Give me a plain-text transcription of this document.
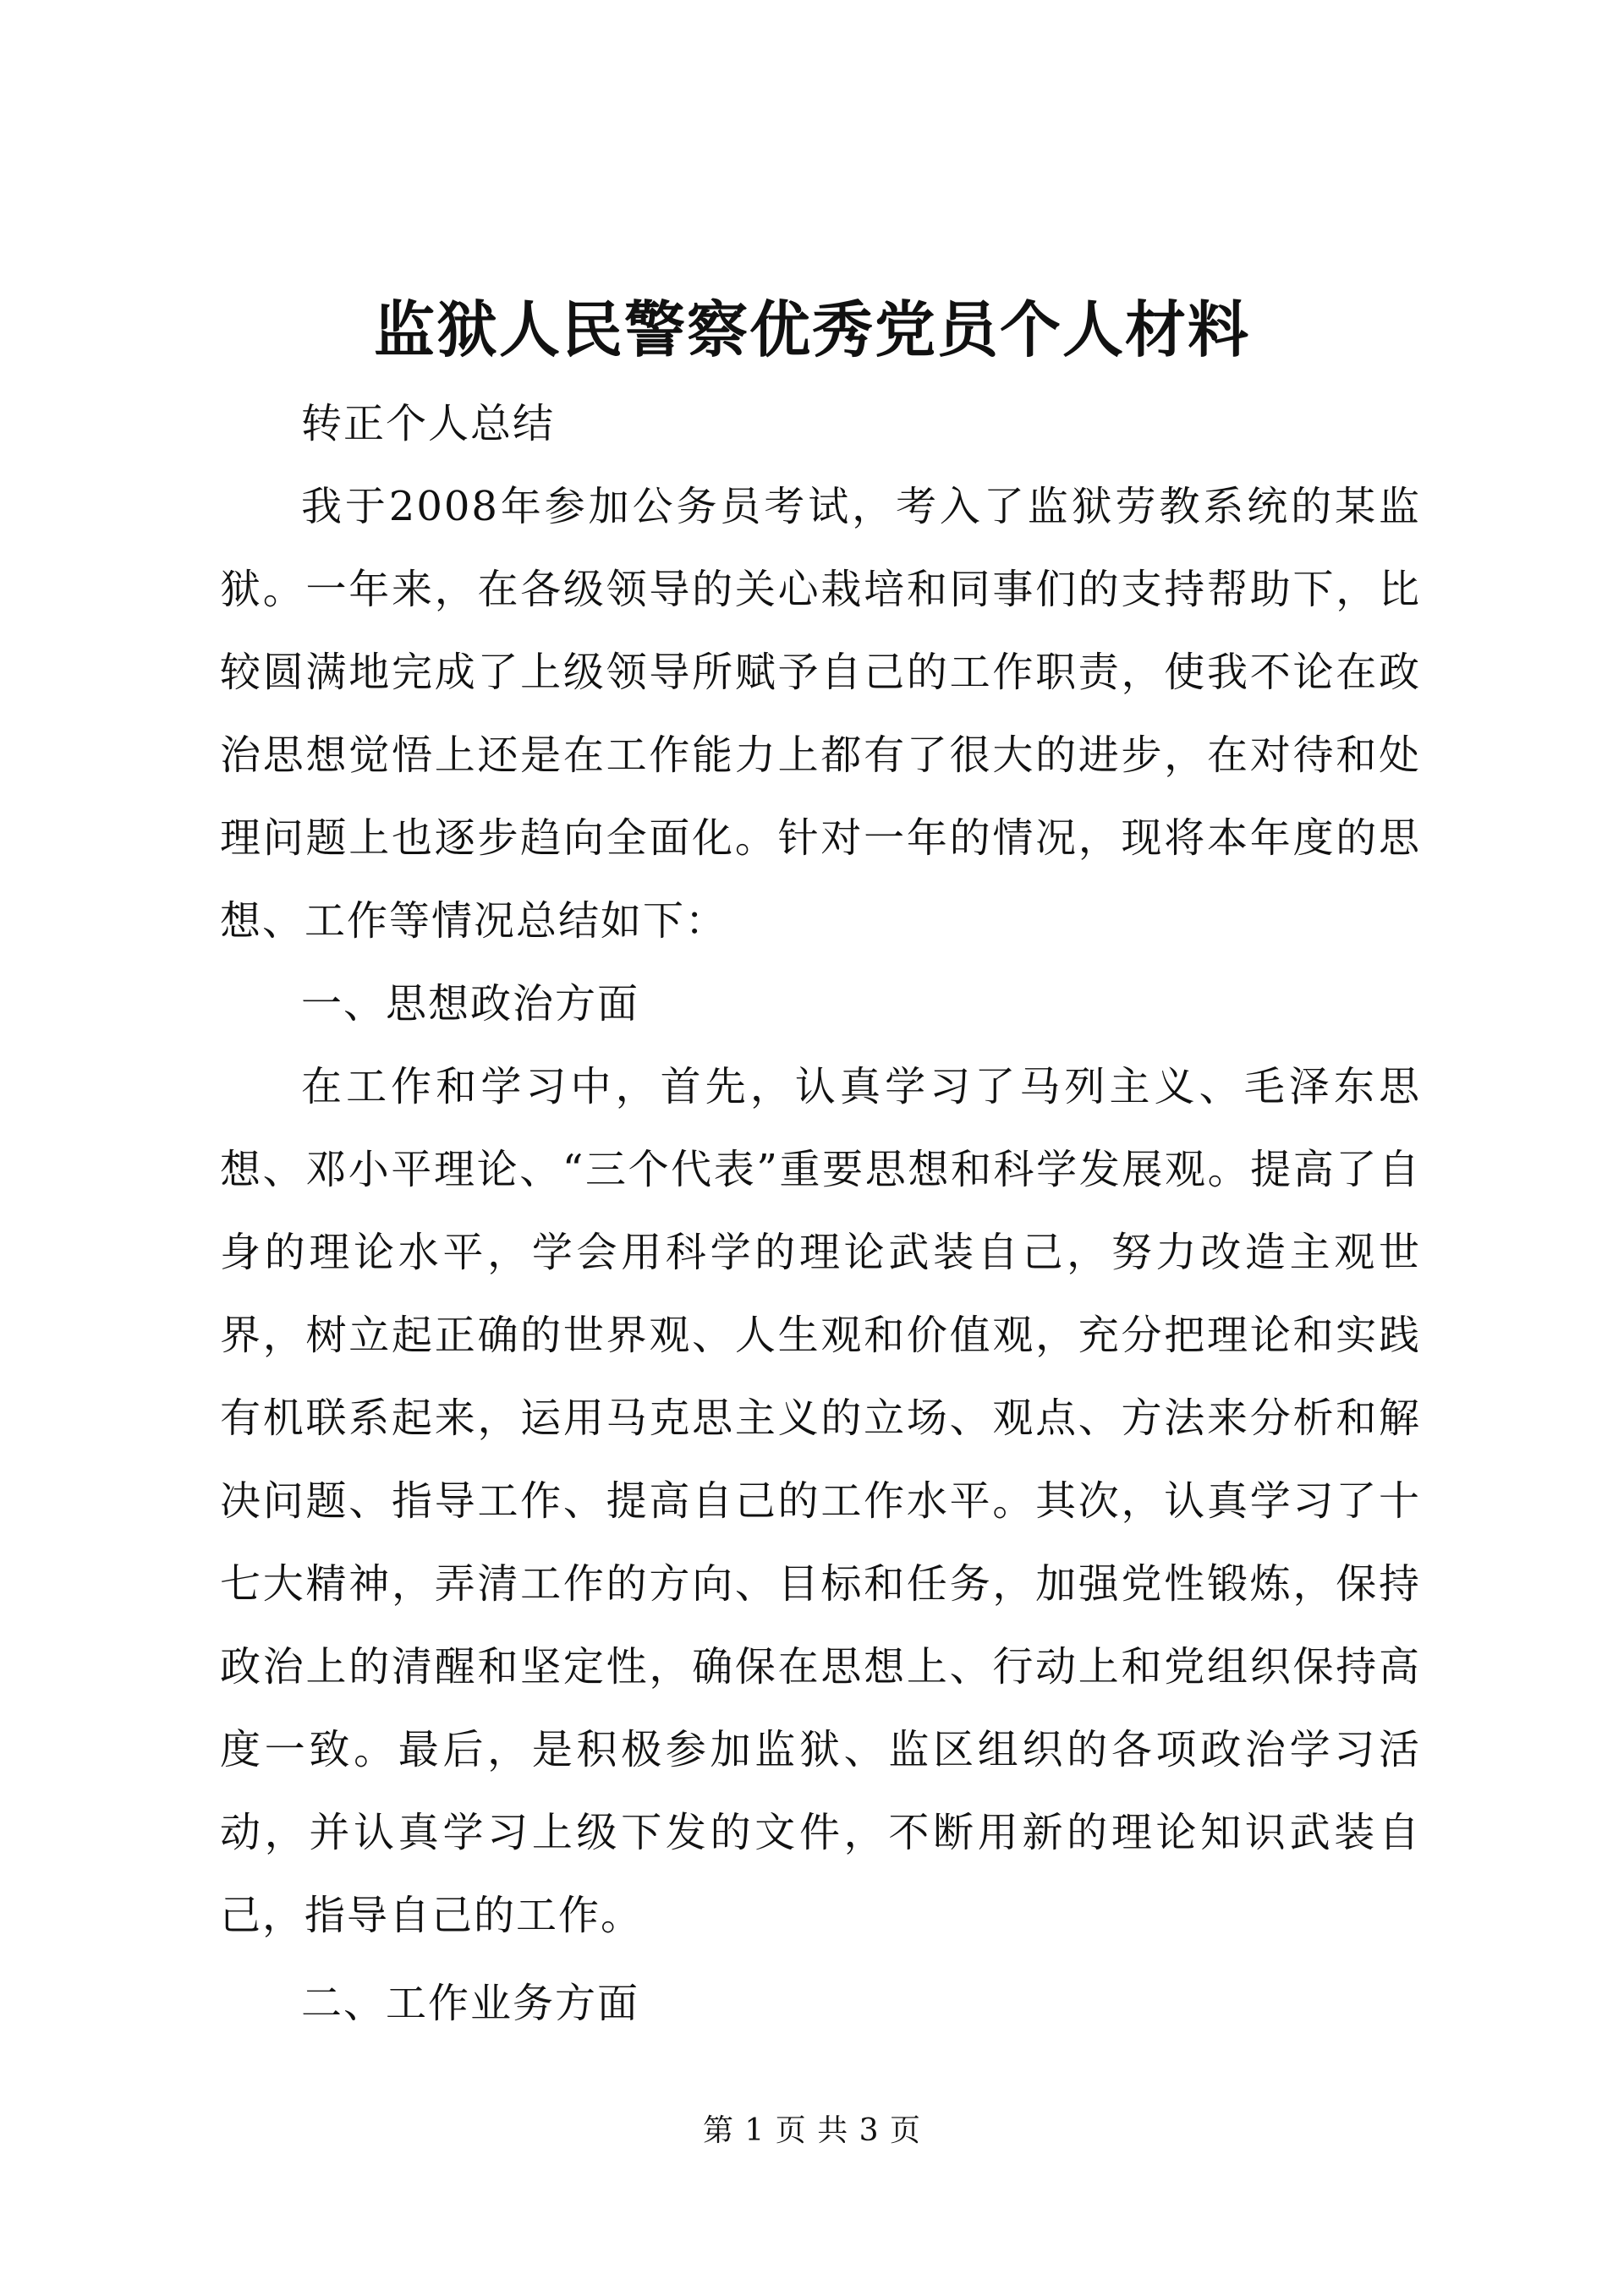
监狱人民警察优秀党员个人材料

转正个人总结

我于2008年参加公务员考试，考入了监狱劳教系统的某监狱。一年来，在各级领导的关心栽培和同事们的支持帮助下，比较圆满地完成了上级领导所赋予自己的工作职责，使我不论在政治思想觉悟上还是在工作能力上都有了很大的进步，在对待和处理问题上也逐步趋向全面化。针对一年的情况，现将本年度的思想、工作等情况总结如下：

一、思想政治方面

在工作和学习中，首先，认真学习了马列主义、毛泽东思想、邓小平理论、“三个代表”重要思想和科学发展观。提高了自身的理论水平，学会用科学的理论武装自己，努力改造主观世界，树立起正确的世界观、人生观和价值观，充分把理论和实践有机联系起来，运用马克思主义的立场、观点、方法来分析和解决问题、指导工作、提高自己的工作水平。其次，认真学习了十七大精神，弄清工作的方向、目标和任务，加强党性锻炼，保持政治上的清醒和坚定性，确保在思想上、行动上和党组织保持高度一致。最后，是积极参加监狱、监区组织的各项政治学习活动，并认真学习上级下发的文件，不断用新的理论知识武装自己，指导自己的工作。

二、工作业务方面

第 1 页 共 3 页
